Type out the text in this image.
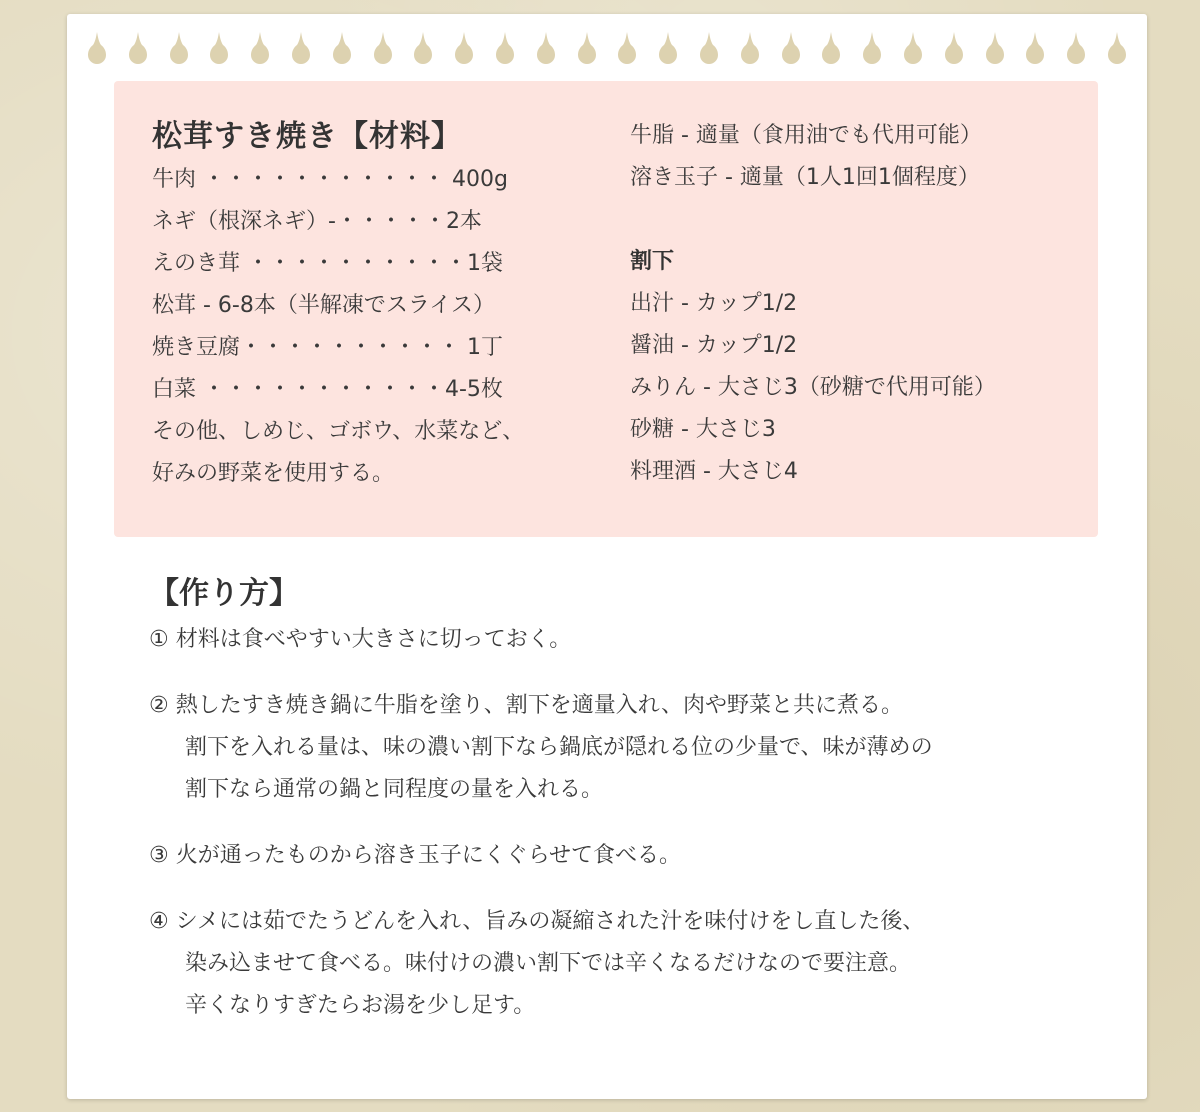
松茸すき焼き【材料】
牛肉 ・・・・・・・・・・・ 400g
ネギ（根深ネギ）-・・・・・2本
えのき茸 ・・・・・・・・・・1袋
松茸 - 6-8本（半解凍でスライス）
焼き豆腐・・・・・・・・・・ 1丁
白菜 ・・・・・・・・・・・4-5枚
その他、しめじ、ゴボウ、水菜など、
好みの野菜を使用する。
牛脂 - 適量（食用油でも代用可能）
溶き玉子 - 適量（1人1回1個程度）
割下
出汁 - カップ1/2
醤油 - カップ1/2
みりん - 大さじ3（砂糖で代用可能）
砂糖 - 大さじ3
料理酒 - 大さじ4
【作り方】
① 材料は食べやすい大きさに切っておく。
② 熱したすき焼き鍋に牛脂を塗り、割下を適量入れ、肉や野菜と共に煮る。
割下を入れる量は、味の濃い割下なら鍋底が隠れる位の少量で、味が薄めの
割下なら通常の鍋と同程度の量を入れる。
③ 火が通ったものから溶き玉子にくぐらせて食べる。
④ シメには茹でたうどんを入れ、旨みの凝縮された汁を味付けをし直した後、
染み込ませて食べる。味付けの濃い割下では辛くなるだけなので要注意。
辛くなりすぎたらお湯を少し足す。
